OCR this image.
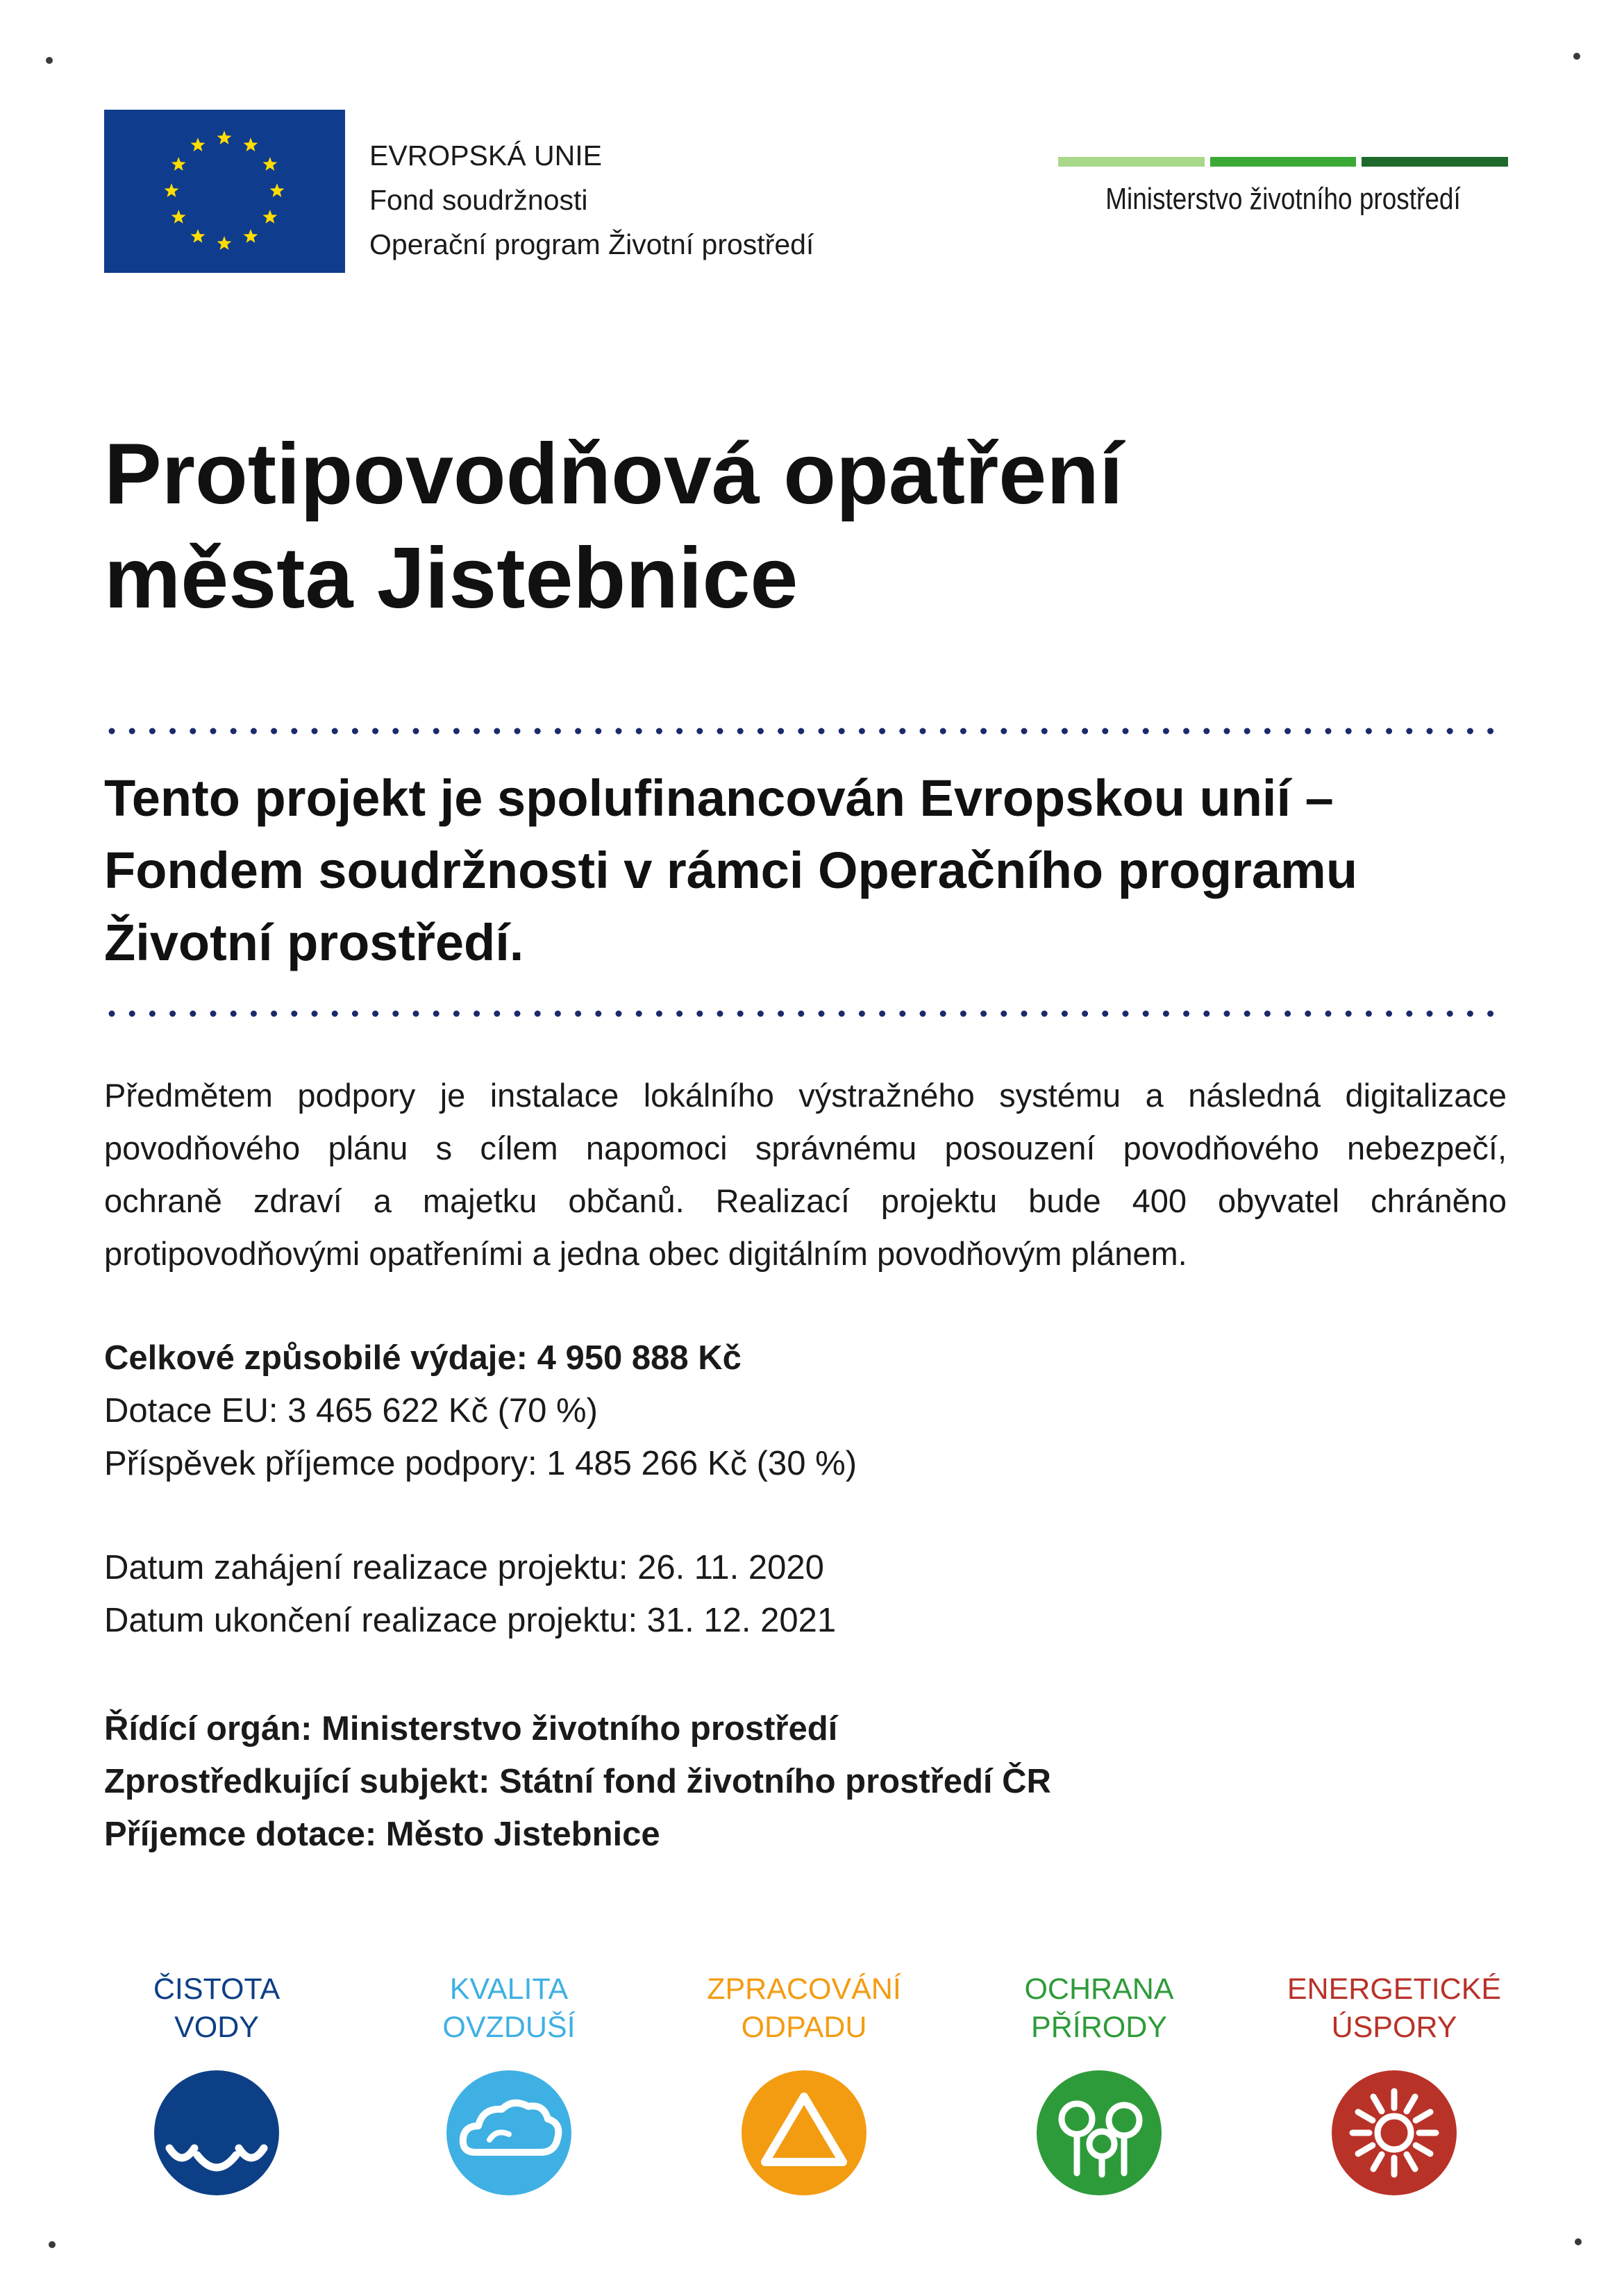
EVROPSKÁ UNIE
Fond soudržnosti
Operační program Životní prostředí
Ministerstvo životního prostředí
Protipovodňová opatření
města Jistebnice
Tento projekt je spolufinancován Evropskou unií –
Fondem soudržnosti v rámci Operačního programu
Životní prostředí.
Předmětem podpory je instalace lokálního výstražného systému a následná digitalizace
povodňového plánu s cílem napomoci správnému posouzení povodňového nebezpečí,
ochraně zdraví a majetku občanů. Realizací projektu bude 400 obyvatel chráněno
protipovodňovými opatřeními a jedna obec digitálním povodňovým plánem.
Celkové způsobilé výdaje: 4 950 888 Kč
Dotace EU: 3 465 622 Kč (70 %)
Příspěvek příjemce podpory: 1 485 266 Kč (30 %)
Datum zahájení realizace projektu: 26. 11. 2020
Datum ukončení realizace projektu: 31. 12. 2021
Řídící orgán: Ministerstvo životního prostředí
Zprostředkující subjekt: Státní fond životního prostředí ČR
Příjemce dotace: Město Jistebnice
ČISTOTA
VODY
KVALITA
OVZDUŠÍ
ZPRACOVÁNÍ
ODPADU
OCHRANA
PŘÍRODY
ENERGETICKÉ
ÚSPORY
